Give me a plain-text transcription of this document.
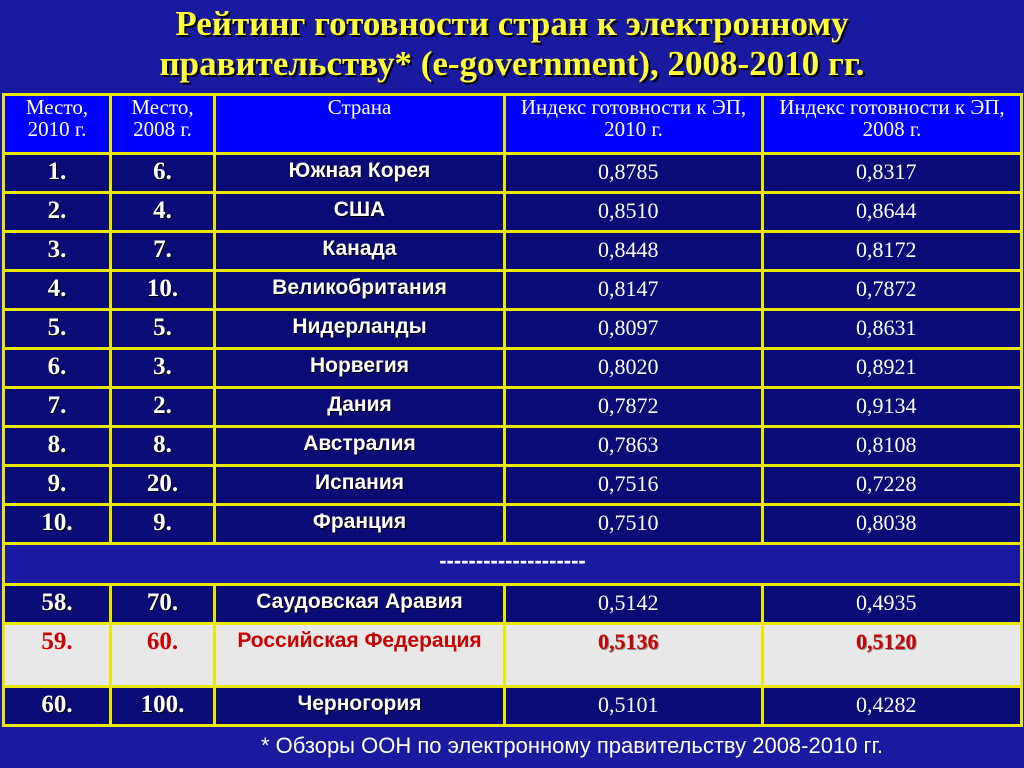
Рейтинг готовности стран к электронному
правительству* (e-government), 2008-2010 гг.
Место, 2010 г.	Место, 2008 г.	Страна	Индекс готовности к ЭП, 2010 г.	Индекс готовности к ЭП, 2008 г.
1.	6.	Южная Корея	0,8785	0,8317
2.	4.	США	0,8510	0,8644
3.	7.	Канада	0,8448	0,8172
4.	10.	Великобритания	0,8147	0,7872
5.	5.	Нидерланды	0,8097	0,8631
6.	3.	Норвегия	0,8020	0,8921
7.	2.	Дания	0,7872	0,9134
8.	8.	Австралия	0,7863	0,8108
9.	20.	Испания	0,7516	0,7228
10.	9.	Франция	0,7510	0,8038
--------------------				
58.	70.	Саудовская Аравия	0,5142	0,4935
59.	60.	Российская Федерация	0,5136	0,5120
60.	100.	Черногория	0,5101	0,4282
* Обзоры ООН по электронному правительству 2008-2010 гг.
